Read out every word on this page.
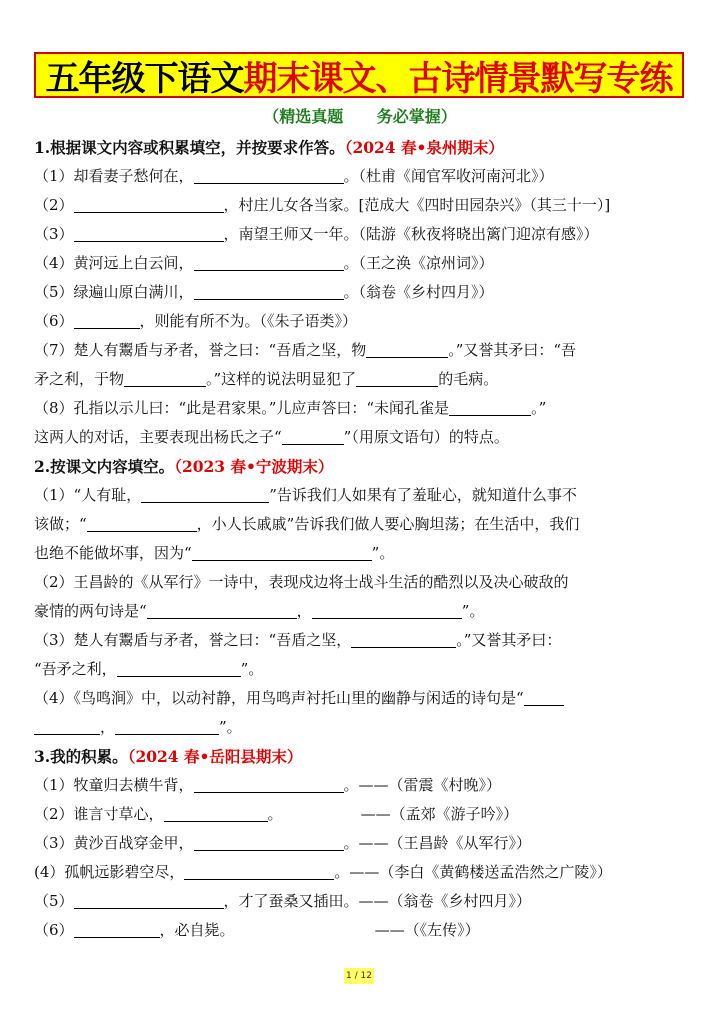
五年级下语文 期末课文、古诗情景默写专练
（精选真题      务必掌握）
1.根据课文内容或积累填空，并按要求作答。（2024 春•泉州期末）
（1）却看妻子愁何在，	。（杜甫《闻官军收河南河北》）
（2）	，村庄儿女各当家。[范成大《四时田园杂兴》（其三十一）]
（3）	，南望王师又一年。（陆游《秋夜将晓出篱门迎凉有感》）
（4）黄河远上白云间，	。（王之涣《凉州词》）
（5）绿遍山原白满川，	。（翁卷《乡村四月》）
（6）	，则能有所不为。（《朱子语类》）
（7）楚人有鬻盾与矛者，誉之曰：“吾盾之坚，物	。”又誉其矛曰：“吾
矛之利，于物	。”这样的说法明显犯了	的毛病。
（8）孔指以示儿曰：“此是君家果。”儿应声答曰：“未闻孔雀是	。”
这两人的对话，主要表现出杨氏之子“	”（用原文语句）的特点。
2.按课文内容填空。（2023 春•宁波期末）
（1）“人有耻，	”告诉我们人如果有了羞耻心，就知道什么事不
该做；“	，小人长戚戚”告诉我们做人要心胸坦荡；在生活中，我们
也绝不能做坏事，因为“	”。
（2）王昌龄的《从军行》一诗中，表现戍边将士战斗生活的酷烈以及决心破敌的
豪情的两句诗是“	，	”。
（3）楚人有鬻盾与矛者，誉之曰：“吾盾之坚，	。”又誉其矛曰：
“吾矛之利，	”。
（4）《鸟鸣涧》中，以动衬静，用鸟鸣声衬托山里的幽静与闲适的诗句是“
，	”。
3.我的积累。（2024 春•岳阳县期末）
（1）牧童归去横牛背，	。——（雷震《村晚》）
（2）谁言寸草心，	。	——（孟郊《游子吟》）
（3）黄沙百战穿金甲，	。——（王昌龄《从军行》）
(4）孤帆远影碧空尽，	。——（李白《黄鹤楼送孟浩然之广陵》）
（5）	，才了蚕桑又插田。——（翁卷《乡村四月》）
（6）	，必自毙。	——（《左传》）
1 / 12
